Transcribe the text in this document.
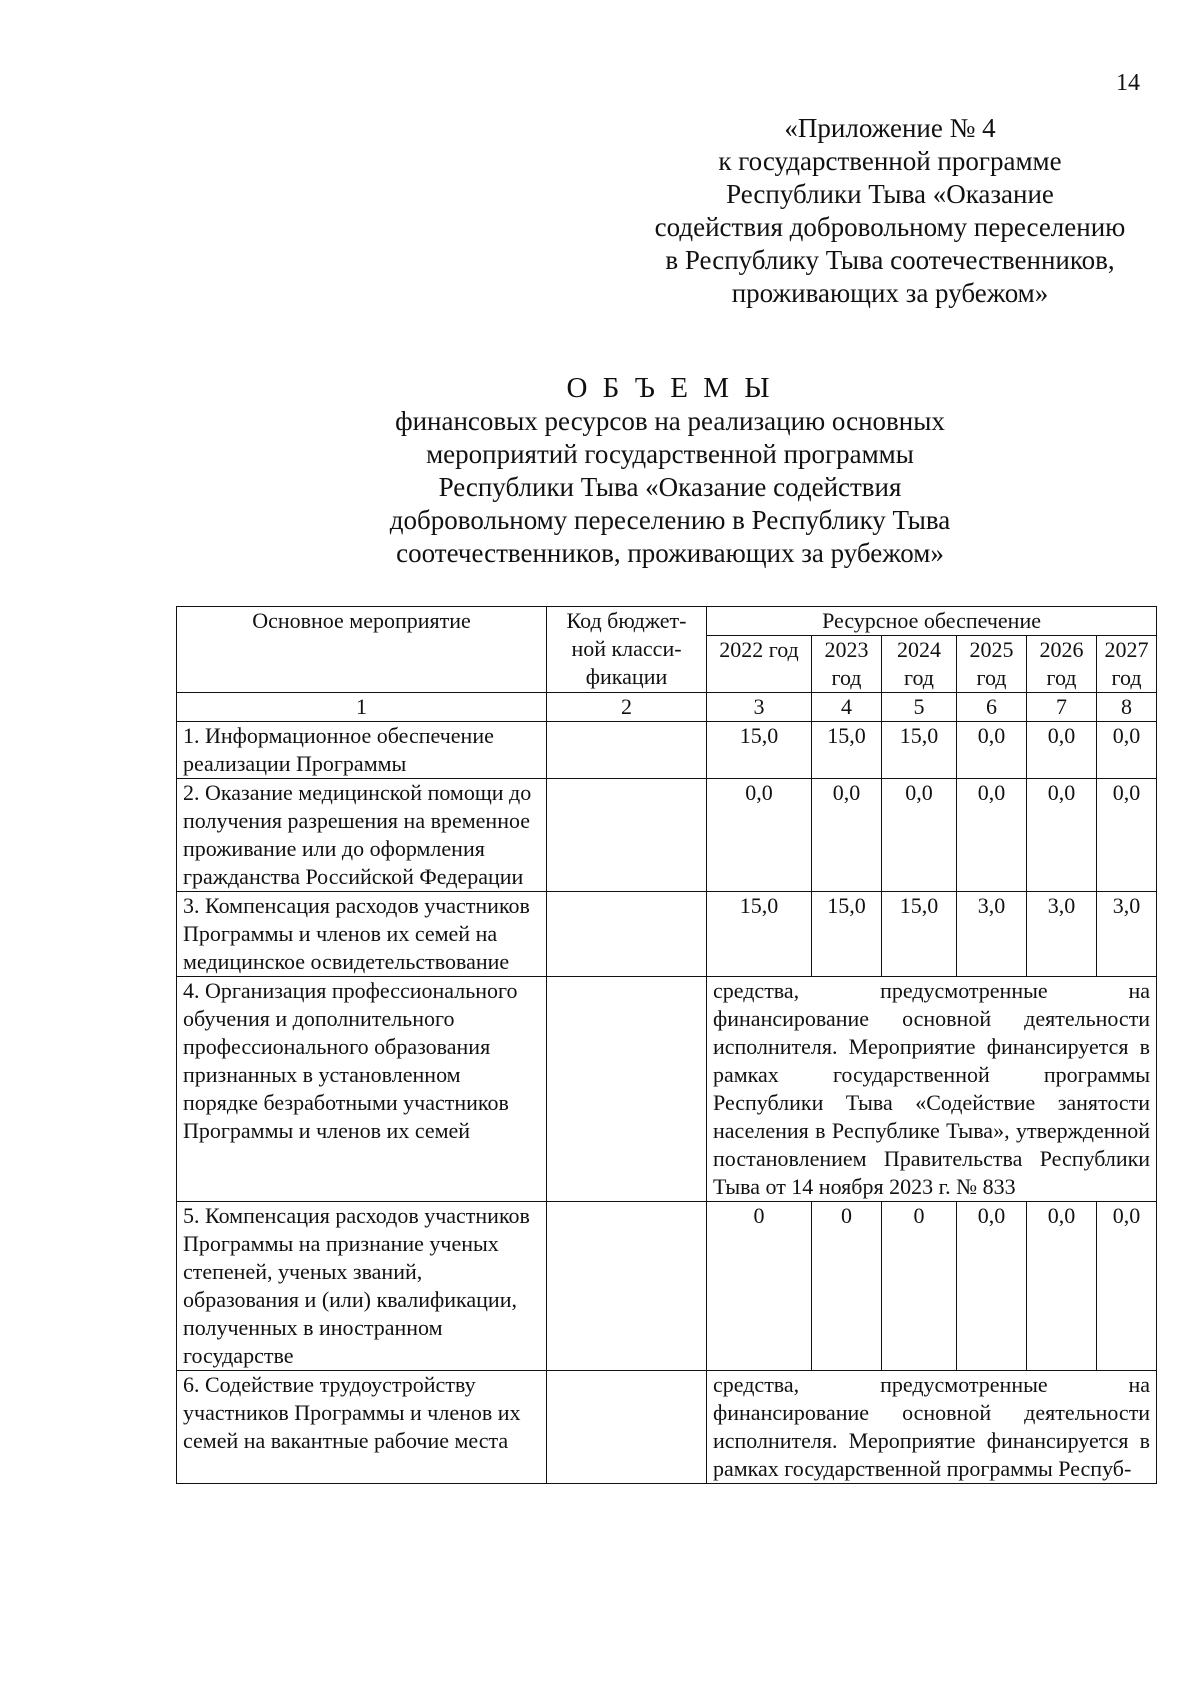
14
«Приложение № 4
к государственной программе
Республики Тыва «Оказание
содействия добровольному переселению
в Республику Тыва соотечественников,
проживающих за рубежом»
О Б Ъ Е М Ы
финансовых ресурсов на реализацию основных
мероприятий государственной программы
Республики Тыва «Оказание содействия
добровольному переселению в Республику Тыва
соотечественников, проживающих за рубежом»
Основное мероприятие	Код бюджет-ной класси-фикации	Ресурсное обеспечение					
		2022 год	2023 год	2024 год	2025 год	2026 год	2027 год
1	2	3	4	5	6	7	8
1. Информационное обеспечение реализации Программы		15,0	15,0	15,0	0,0	0,0	0,0
2. Оказание медицинской помощи до получения разрешения на временное проживание или до оформления гражданства Российской Федерации		0,0	0,0	0,0	0,0	0,0	0,0
3. Компенсация расходов участников Программы и членов их семей на медицинское освидетельствование		15,0	15,0	15,0	3,0	3,0	3,0
4. Организация профессионального обучения и дополнительного профессионального образования признанных в установленном порядке безработными участников Программы и членов их семей		средства, предусмотренные на финансирование основной деятельности исполнителя. Мероприятие финансируется в рамках государственной программы Республики Тыва «Содействие занятости населения в Республике Тыва», утвержденной постановлением Правительства Республики Тыва от 14 ноября 2023 г. № 833					
5. Компенсация расходов участников Программы на признание ученых степеней, ученых званий, образования и (или) квалификации, полученных в иностранном государстве		0	0	0	0,0	0,0	0,0
6. Содействие трудоустройству участников Программы и членов их семей на вакантные рабочие места		средства, предусмотренные на финансирование основной деятельности исполнителя. Мероприятие финансируется в рамках государственной программы Респуб-					
